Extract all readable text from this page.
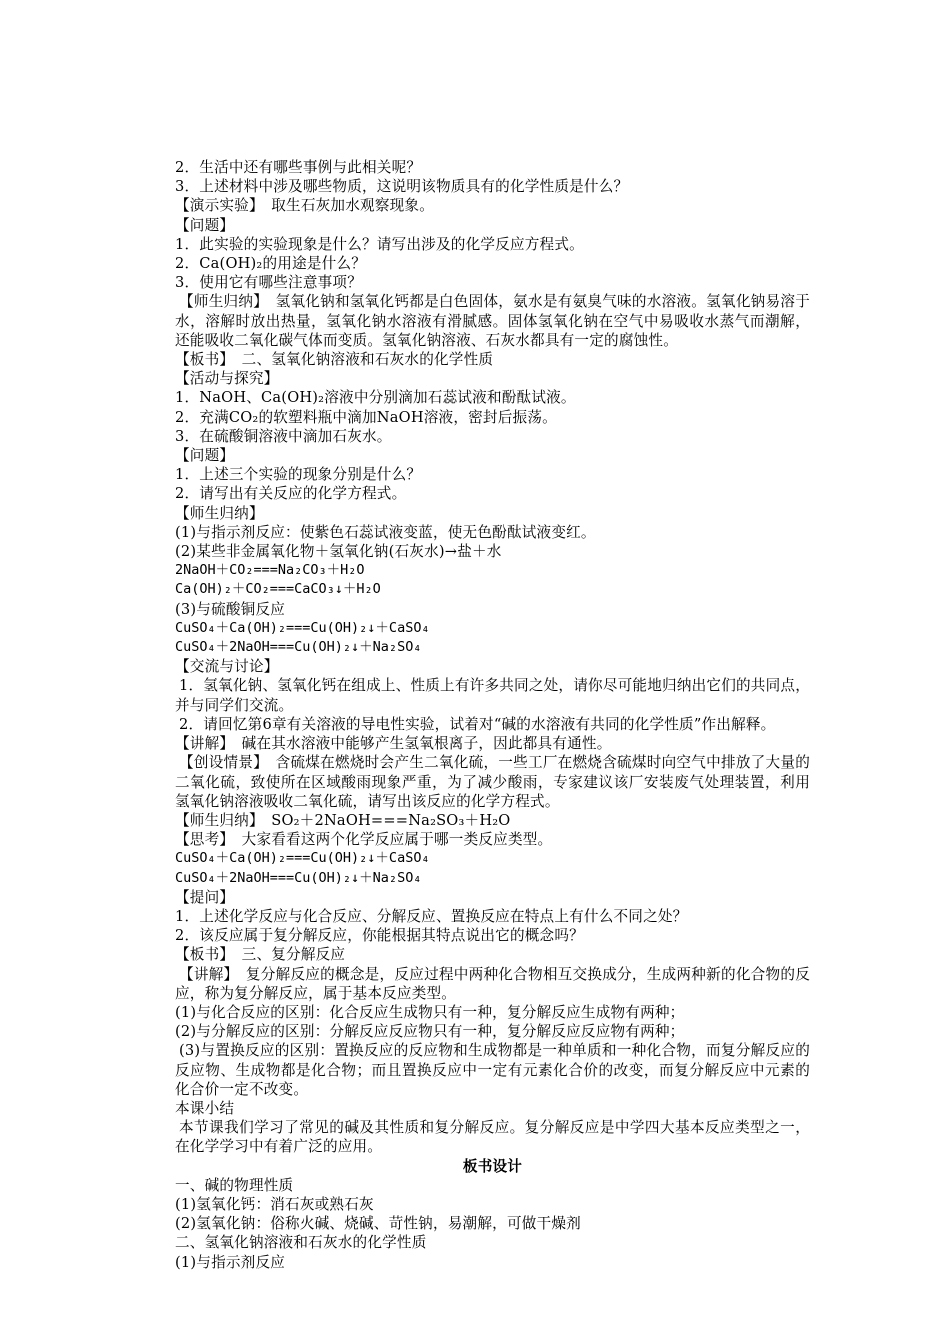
2．生活中还有哪些事例与此相关呢？
3．上述材料中涉及哪些物质，这说明该物质具有的化学性质是什么？
【演示实验】　取生石灰加水观察现象。
【问题】
1．此实验的实验现象是什么？请写出涉及的化学反应方程式。
2．Ca(OH)₂的用途是什么？
3．使用它有哪些注意事项？
【师生归纳】　氢氧化钠和氢氧化钙都是白色固体，氨水是有氨臭气味的水溶液。氢氧化钠易溶于水，溶解时放出热量，氢氧化钠水溶液有滑腻感。固体氢氧化钠在空气中易吸收水蒸气而潮解，还能吸收二氧化碳气体而变质。氢氧化钠溶液、石灰水都具有一定的腐蚀性。
【板书】　二、氢氧化钠溶液和石灰水的化学性质
【活动与探究】
1．NaOH、Ca(OH)₂溶液中分别滴加石蕊试液和酚酞试液。
2．充满CO₂的软塑料瓶中滴加NaOH溶液，密封后振荡。
3．在硫酸铜溶液中滴加石灰水。
【问题】
1．上述三个实验的现象分别是什么？
2．请写出有关反应的化学方程式。
【师生归纳】
(1)与指示剂反应：使紫色石蕊试液变蓝，使无色酚酞试液变红。
(2)某些非金属氧化物＋氢氧化钠(石灰水)→盐＋水
2NaOH＋CO₂===Na₂CO₃＋H₂O
Ca(OH)₂＋CO₂===CaCO₃↓＋H₂O
(3)与硫酸铜反应
CuSO₄＋Ca(OH)₂===Cu(OH)₂↓＋CaSO₄
CuSO₄＋2NaOH===Cu(OH)₂↓＋Na₂SO₄
【交流与讨论】
1．氢氧化钠、氢氧化钙在组成上、性质上有许多共同之处，请你尽可能地归纳出它们的共同点，并与同学们交流。
2．请回忆第6章有关溶液的导电性实验，试着对“碱的水溶液有共同的化学性质”作出解释。
【讲解】　碱在其水溶液中能够产生氢氧根离子，因此都具有通性。
【创设情景】　含硫煤在燃烧时会产生二氧化硫，一些工厂在燃烧含硫煤时向空气中排放了大量的二氧化硫，致使所在区域酸雨现象严重，为了减少酸雨，专家建议该厂安装废气处理装置，利用氢氧化钠溶液吸收二氧化硫，请写出该反应的化学方程式。
【师生归纳】　SO₂＋2NaOH===Na₂SO₃＋H₂O
【思考】　大家看看这两个化学反应属于哪一类反应类型。
CuSO₄＋Ca(OH)₂===Cu(OH)₂↓＋CaSO₄
CuSO₄＋2NaOH===Cu(OH)₂↓＋Na₂SO₄
【提问】
1．上述化学反应与化合反应、分解反应、置换反应在特点上有什么不同之处？
2．该反应属于复分解反应，你能根据其特点说出它的概念吗？
【板书】　三、复分解反应
【讲解】　复分解反应的概念是，反应过程中两种化合物相互交换成分，生成两种新的化合物的反应，称为复分解反应，属于基本反应类型。
(1)与化合反应的区别：化合反应生成物只有一种，复分解反应生成物有两种；
(2)与分解反应的区别：分解反应反应物只有一种，复分解反应反应物有两种；
(3)与置换反应的区别：置换反应的反应物和生成物都是一种单质和一种化合物，而复分解反应的反应物、生成物都是化合物；而且置换反应中一定有元素化合价的改变，而复分解反应中元素的化合价一定不改变。
本课小结
本节课我们学习了常见的碱及其性质和复分解反应。复分解反应是中学四大基本反应类型之一，在化学学习中有着广泛的应用。
板书设计
一、碱的物理性质
(1)氢氧化钙：消石灰或熟石灰
(2)氢氧化钠：俗称火碱、烧碱、苛性钠，易潮解，可做干燥剂
二、氢氧化钠溶液和石灰水的化学性质
(1)与指示剂反应
